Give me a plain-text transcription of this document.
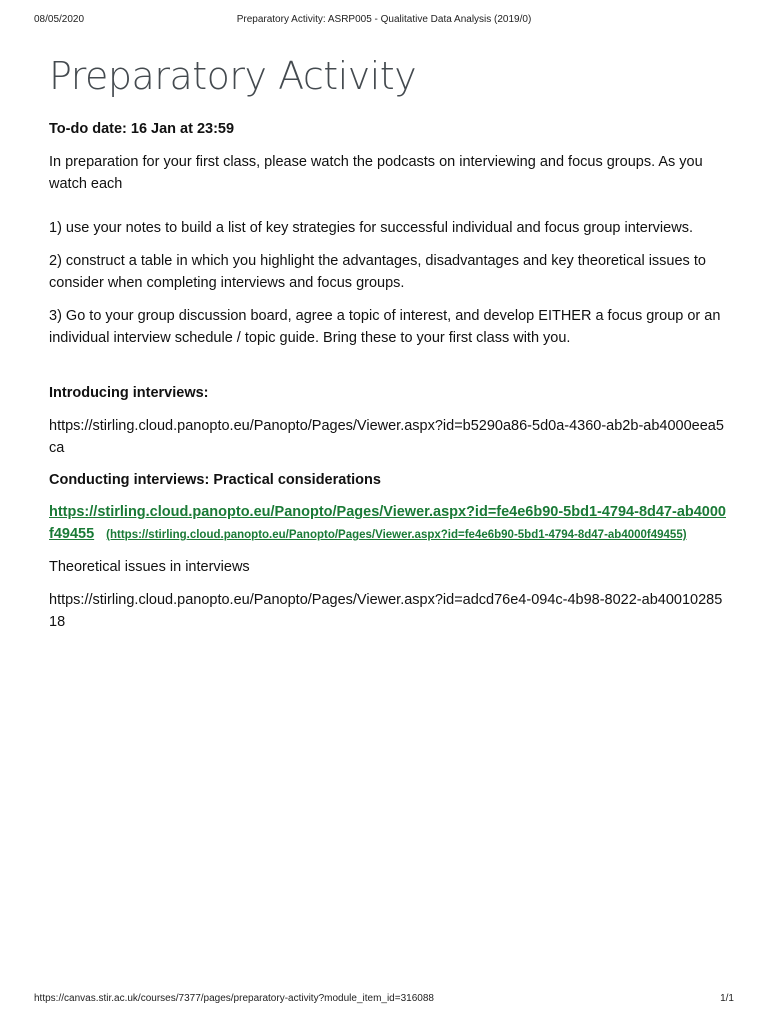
Preparatory Activity: ASRP005 - Qualitative Data Analysis (2019/0)
08/05/2020
Preparatory Activity
To-do date: 16 Jan at 23:59

In preparation for your first class, please watch the podcasts on interviewing and focus groups. As you watch each

1) use your notes to build a list of key strategies for successful individual and focus group interviews.

2) construct a table in which you highlight the advantages, disadvantages and key theoretical issues to consider when completing interviews and focus groups.

3) Go to your group discussion board, agree a topic of interest, and develop EITHER a focus group or an individual interview schedule / topic guide. Bring these to your first class with you.

Introducing interviews:

https://stirling.cloud.panopto.eu/Panopto/Pages/Viewer.aspx?id=b5290a86-5d0a-4360-ab2b-ab4000eea5ca

Conducting interviews: Practical considerations

https://stirling.cloud.panopto.eu/Panopto/Pages/Viewer.aspx?id=fe4e6b90-5bd1-4794-8d47-ab4000f49455 (https://stirling.cloud.panopto.eu/Panopto/Pages/Viewer.aspx?id=fe4e6b90-5bd1-4794-8d47-ab4000f49455)

Theoretical issues in interviews

https://stirling.cloud.panopto.eu/Panopto/Pages/Viewer.aspx?id=adcd76e4-094c-4b98-8022-ab4001028518

https://canvas.stir.ac.uk/courses/7377/pages/preparatory-activity?module_item_id=316088	1/1
